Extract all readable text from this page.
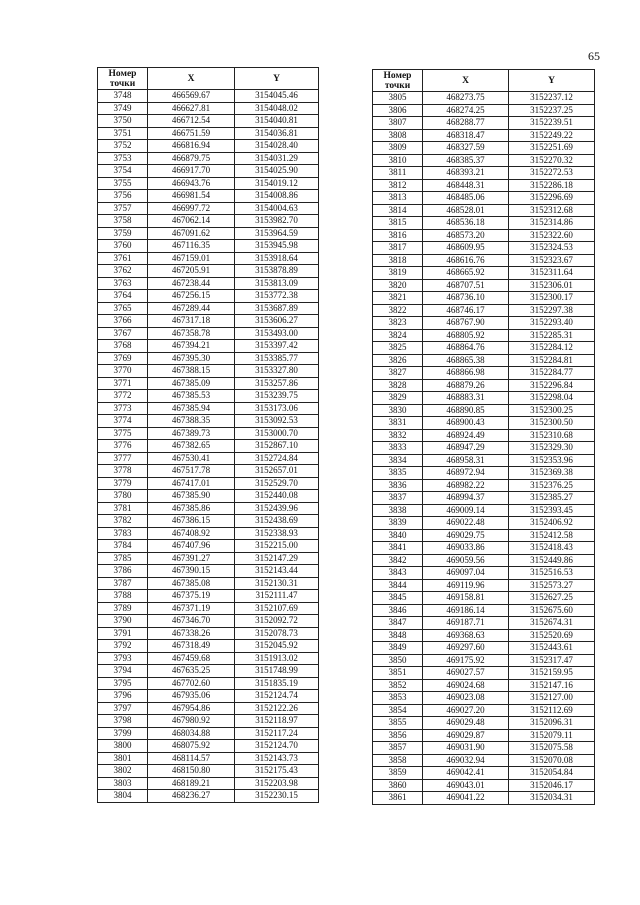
65
Номер
точки	X	Y
3748	466569.67	3154045.46
3749	466627.81	3154048.02
3750	466712.54	3154040.81
3751	466751.59	3154036.81
3752	466816.94	3154028.40
3753	466879.75	3154031.29
3754	466917.70	3154025.90
3755	466943.76	3154019.12
3756	466981.54	3154008.86
3757	466997.72	3154004.63
3758	467062.14	3153982.70
3759	467091.62	3153964.59
3760	467116.35	3153945.98
3761	467159.01	3153918.64
3762	467205.91	3153878.89
3763	467238.44	3153813.09
3764	467256.15	3153772.38
3765	467289.44	3153687.89
3766	467317.18	3153606.27
3767	467358.78	3153493.00
3768	467394.21	3153397.42
3769	467395.30	3153385.77
3770	467388.15	3153327.80
3771	467385.09	3153257.86
3772	467385.53	3153239.75
3773	467385.94	3153173.06
3774	467388.35	3153092.53
3775	467389.73	3153000.70
3776	467382.65	3152867.10
3777	467530.41	3152724.84
3778	467517.78	3152657.01
3779	467417.01	3152529.70
3780	467385.90	3152440.08
3781	467385.86	3152439.96
3782	467386.15	3152438.69
3783	467408.92	3152338.93
3784	467407.96	3152215.00
3785	467391.27	3152147.29
3786	467390.15	3152143.44
3787	467385.08	3152130.31
3788	467375.19	3152111.47
3789	467371.19	3152107.69
3790	467346.70	3152092.72
3791	467338.26	3152078.73
3792	467318.49	3152045.92
3793	467459.68	3151913.02
3794	467635.25	3151748.99
3795	467702.60	3151835.19
3796	467935.06	3152124.74
3797	467954.86	3152122.26
3798	467980.92	3152118.97
3799	468034.88	3152117.24
3800	468075.92	3152124.70
3801	468114.57	3152143.73
3802	468150.80	3152175.43
3803	468189.21	3152203.98
3804	468236.27	3152230.15
Номер
точки	X	Y
3805	468273.75	3152237.12
3806	468274.25	3152237.25
3807	468288.77	3152239.51
3808	468318.47	3152249.22
3809	468327.59	3152251.69
3810	468385.37	3152270.32
3811	468393.21	3152272.53
3812	468448.31	3152286.18
3813	468485.06	3152296.69
3814	468528.01	3152312.68
3815	468536.18	3152314.86
3816	468573.20	3152322.60
3817	468609.95	3152324.53
3818	468616.76	3152323.67
3819	468665.92	3152311.64
3820	468707.51	3152306.01
3821	468736.10	3152300.17
3822	468746.17	3152297.38
3823	468767.90	3152293.40
3824	468805.92	3152285.31
3825	468864.76	3152284.12
3826	468865.38	3152284.81
3827	468866.98	3152284.77
3828	468879.26	3152296.84
3829	468883.31	3152298.04
3830	468890.85	3152300.25
3831	468900.43	3152300.50
3832	468924.49	3152310.68
3833	468947.29	3152329.30
3834	468958.31	3152353.96
3835	468972.94	3152369.38
3836	468982.22	3152376.25
3837	468994.37	3152385.27
3838	469009.14	3152393.45
3839	469022.48	3152406.92
3840	469029.75	3152412.58
3841	469033.86	3152418.43
3842	469059.56	3152449.86
3843	469097.04	3152516.53
3844	469119.96	3152573.27
3845	469158.81	3152627.25
3846	469186.14	3152675.60
3847	469187.71	3152674.31
3848	469368.63	3152520.69
3849	469297.60	3152443.61
3850	469175.92	3152317.47
3851	469027.57	3152159.95
3852	469024.68	3152147.16
3853	469023.08	3152127.00
3854	469027.20	3152112.69
3855	469029.48	3152096.31
3856	469029.87	3152079.11
3857	469031.90	3152075.58
3858	469032.94	3152070.08
3859	469042.41	3152054.84
3860	469043.01	3152046.17
3861	469041.22	3152034.31
